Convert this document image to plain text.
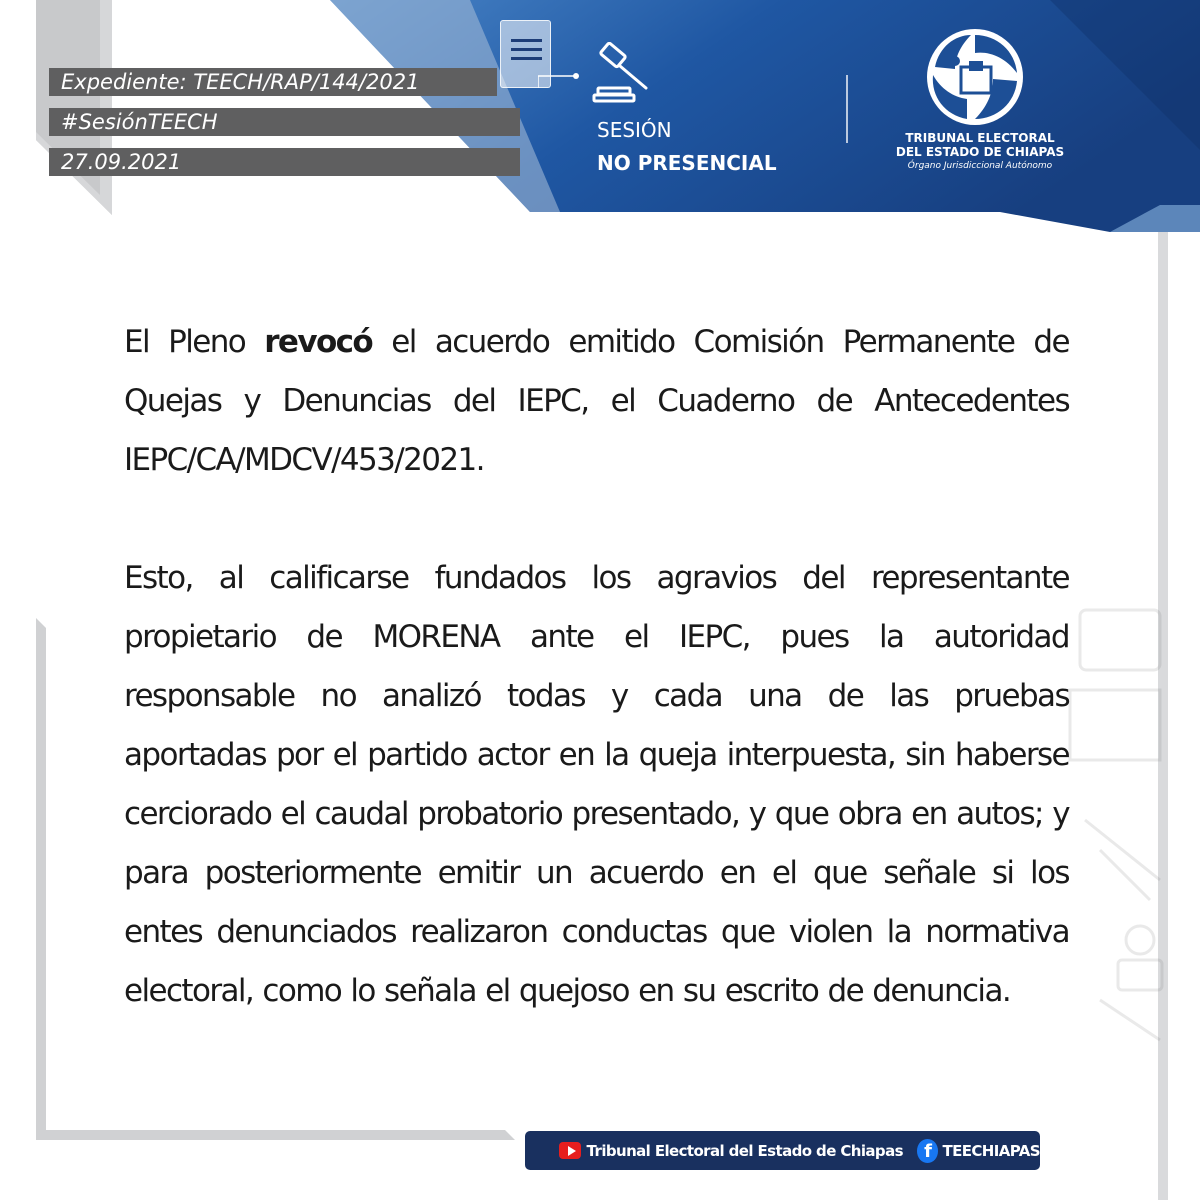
Expediente: TEECH/RAP/144/2021
#SesiónTEECH
27.09.2021
SESIÓN
NO PRESENCIAL
TRIBUNAL ELECTORAL
DEL ESTADO DE CHIAPAS
Órgano Jurisdiccional Autónomo

El Pleno revocó el acuerdo emitido Comisión Permanente de Quejas y Denuncias del IEPC, el Cuaderno de Antecedentes IEPC/CA/MDCV/453/2021.

Esto, al calificarse fundados los agravios del representante propietario de MORENA ante el IEPC, pues la autoridad responsable no analizó todas y cada una de las pruebas aportadas por el partido actor en la queja interpuesta, sin haberse cerciorado el caudal probatorio presentado, y que obra en autos; y para posteriormente emitir un acuerdo en el que señale si los entes denunciados realizaron conductas que violen la normativa electoral, como lo señala el quejoso en su escrito de denuncia.

Tribunal Electoral del Estado de Chiapas	f TEECHIAPAS
